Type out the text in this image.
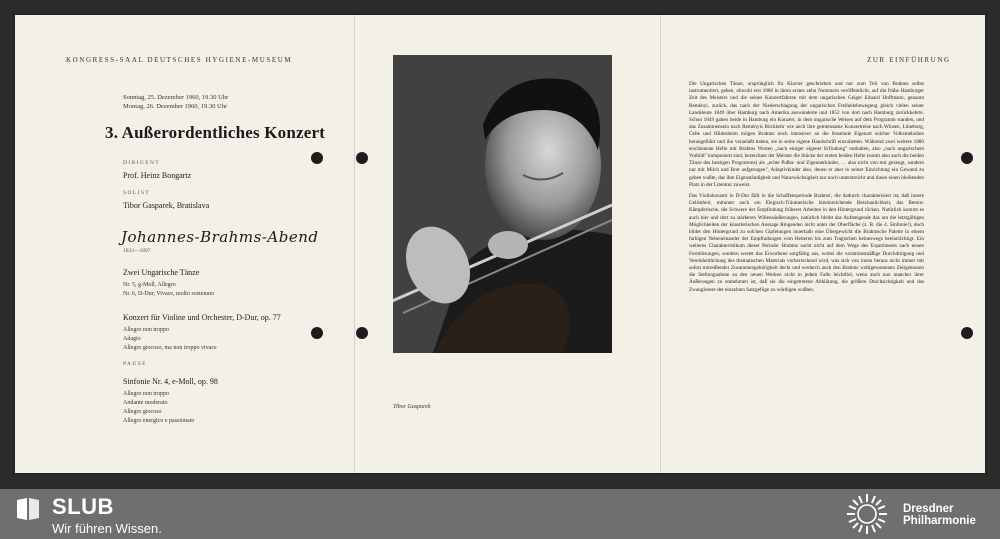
KONGRESS-SAAL DEUTSCHES HYGIENE-MUSEUM	ZUR EINFÜHRUNG
Sonntag, 25. Dezember 1960, 19.30 Uhr
Montag, 26. Dezember 1960, 19.30 Uhr
3. Außerordentliches Konzert
DIRIGENT
Prof. Heinz Bongartz
SOLIST
Tibor Gasparek, Bratislava
Johannes-Brahms-Abend
1833—1897
Zwei Ungarische Tänze
Nr. 5, g-Moll, Allegro
Nr. 6, D-Dur, Vivace, molto sostenuto
Konzert für Violine und Orchester, D-Dur, op. 77
Allegro non troppo
Adagio
Allegro giocoso, ma non troppo vivace
PAUSE
Sinfonie Nr. 4, e-Moll, op. 98
Allegro non troppo
Andante moderato
Allegro giocoso
Allegro energico e passionato
Tibor Gasparek

Die Ungarischen Tänze, ursprünglich für Klavier geschrieben und nur zum Teil von Brahms selbst instrumentiert, gehen, obwohl erst 1868 in ihren ersten zehn Nummern veröffentlicht, auf die frühe Hamburger Zeit des Meisters und die seines Konzertfahrten mit dem ungarischen Geiger Eduard Hoffmann, genannt Reményi, zurück, das nach der Niederschlagung der ungarischen Freiheitsbewegung gleich vielen seiner Landsleute 1849 über Hamburg nach Amerika auswanderte und 1852 von dort nach Hamburg zurückkehrte. Schon 1849 gaben beide in Hamburg ein Konzert, in dem ungarische Weisen auf dem Programm standen, und das Zusammensein nach Reményis Rückkehr wie auch ihre gemeinsame Konzertreise nach Winsen, Lüneburg, Celle und Hildesheim mögen Brahms noch intensiver an die fesselnde Eigenart solcher Volksmelodien herangeführt und ihn veranlaßt haben, sie in seine eigene Handschrift einzubetten. Während zwei weitere 1880 erschienene Hefte mit Brahms Worten „nach einiger eigener Erfindung" enthalten, also „nach ungarischem Vorbild" komponiert sind, bezeichnet der Meister die Stücke der ersten beiden Hefte (somit also auch die beiden Tänze des heutigen Programms) als „echte Pußta- und Zigeunerkinder, … also nicht von mir gezeugt, sondern nur mit Milch und Brot aufgezogen", Adoptivkinder also, denen er aber in seiner Einrichtung ein Gewand zu geben wußte, das ihre Eigenständigkeit und Naturwüchsigkeit nur noch unterstreicht und ihnen einen bleibenden Platz in der Literatur zuweist.

Das Violinkonzert in D-Dur fällt in die Schaffensperiode Brahms', die dadurch charakterisiert ist, daß innere Gelöstheit, mitunter auch ein Elegisch-Träumerische hineinreichende Beschaulichkeit, das Betont-Kämpferische, die Schwere der Empfindung früherer Arbeiten in den Hintergrund rücken. Natürlich kommt es auch hier und dort zu stärkeren Willensäußerungen, natürlich bleibt das Aufsteigende das um die letztgültigen Möglichkeiten der künstlerischen Aussage Ringenden nicht unter der Oberfläche (z. B. die 4. Sinfonie!), doch bildet den Hintergrund zu solchen Gipfelungen innerhalb eine Übergewicht die Brahmsche Palette in einem farbigen Nebeneinander der Empfindungen vom Heiteren bis zum Tragischen keineswegs beeinträchtigt. Ein weiteres Charakteristikum dieser Periode: Brahms sucht nicht auf dem Wege des Experiments nach neuen Formlösungen, sondern wertet das Erworbene sorgfältig aus, wobei die variationsmäßige Durchdringung und Vereinheitlichung des thematischen Materials vorherrschend wird, was sich von innen heraus nicht immer mit sofort mitreißender Zusammengehörigkeit deckt und wodurch auch den Brahms wohlgesonnenen Zeitgenossen die Stellungnahme zu den neuen Werken nicht in jedem Falle leichtfiel, wenn auch nun mancher ihrer Äußerungen zu entnehmen ist, daß sie die eingetretene Abklärung, die größere Durchsichtigkeit und das Zwanglosere der einzelnen Satzgefüge zu würdigen wußten.

SLUB
Wir führen Wissen.
Dresdner
Philharmonie
